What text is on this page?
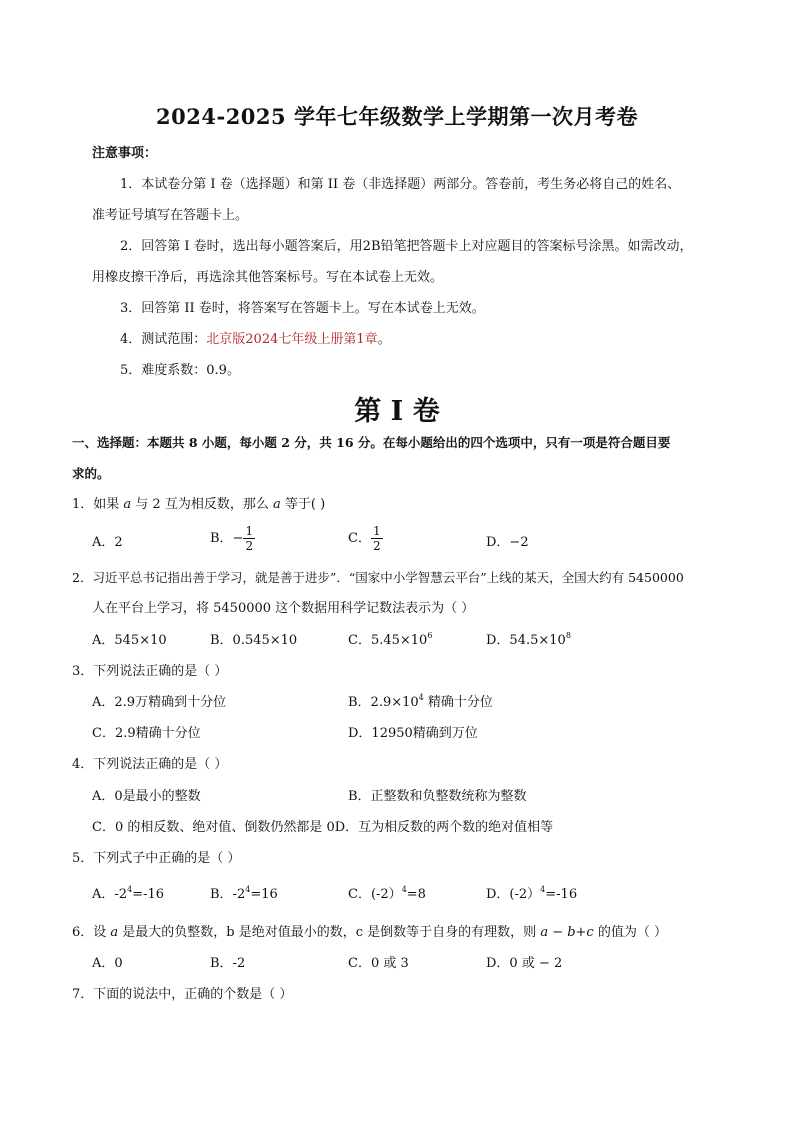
2024-2025 学年七年级数学上学期第一次月考卷
注意事项：
1．本试卷分第 I 卷（选择题）和第 II 卷（非选择题）两部分。答卷前，考生务必将自己的姓名、
准考证号填写在答题卡上。
2．回答第 I 卷时，选出每小题答案后，用2B铅笔把答题卡上对应题目的答案标号涂黑。如需改动，
用橡皮擦干净后，再选涂其他答案标号。写在本试卷上无效。
3．回答第 II 卷时，将答案写在答题卡上。写在本试卷上无效。
4．测试范围：北京版2024七年级上册第1章。
5．难度系数：0.9。
第 I 卷
一、选择题：本题共 8 小题，每小题 2 分，共 16 分。在每小题给出的四个选项中，只有一项是符合题目要
求的。
1．如果 a 与 2 互为相反数，那么 a 等于( )
A．2	B．− $\frac{1}{2}$	C． $\frac{1}{2}$	D．−2
2．习近平总书记指出善于学习，就是善于进步”．“国家中小学智慧云平台”上线的某天，全国大约有 5450000
人在平台上学习，将 5450000 这个数据用科学记数法表示为（ ）
A．545×10	B．0.545×10	C．$5.45\times 10^6$	D．$54.5\times 10^8$
3．下列说法正确的是（ ）
A．2.9万精确到十分位	B．$2.9\times 10^4$ 精确十分位
C．2.9精确十分位	D．12950精确到万位
4．下列说法正确的是（ ）
A．0是最小的整数	B．正整数和负整数统称为整数
C．0 的相反数、绝对值、倒数仍然都是 0D．互为相反数的两个数的绝对值相等
5．下列式子中正确的是（ ）
A．$-2^4=-16$	B．$-2^4=16$	C．(-2）$^4$=8	D．(-2）$^4$=-16
6．设 a 是最大的负整数，b 是绝对值最小的数，c 是倒数等于自身的有理数，则 a − b+c 的值为（ ）
A．0	B．-2	C．0 或 3	D．0 或 − 2
7．下面的说法中，正确的个数是（ ）
